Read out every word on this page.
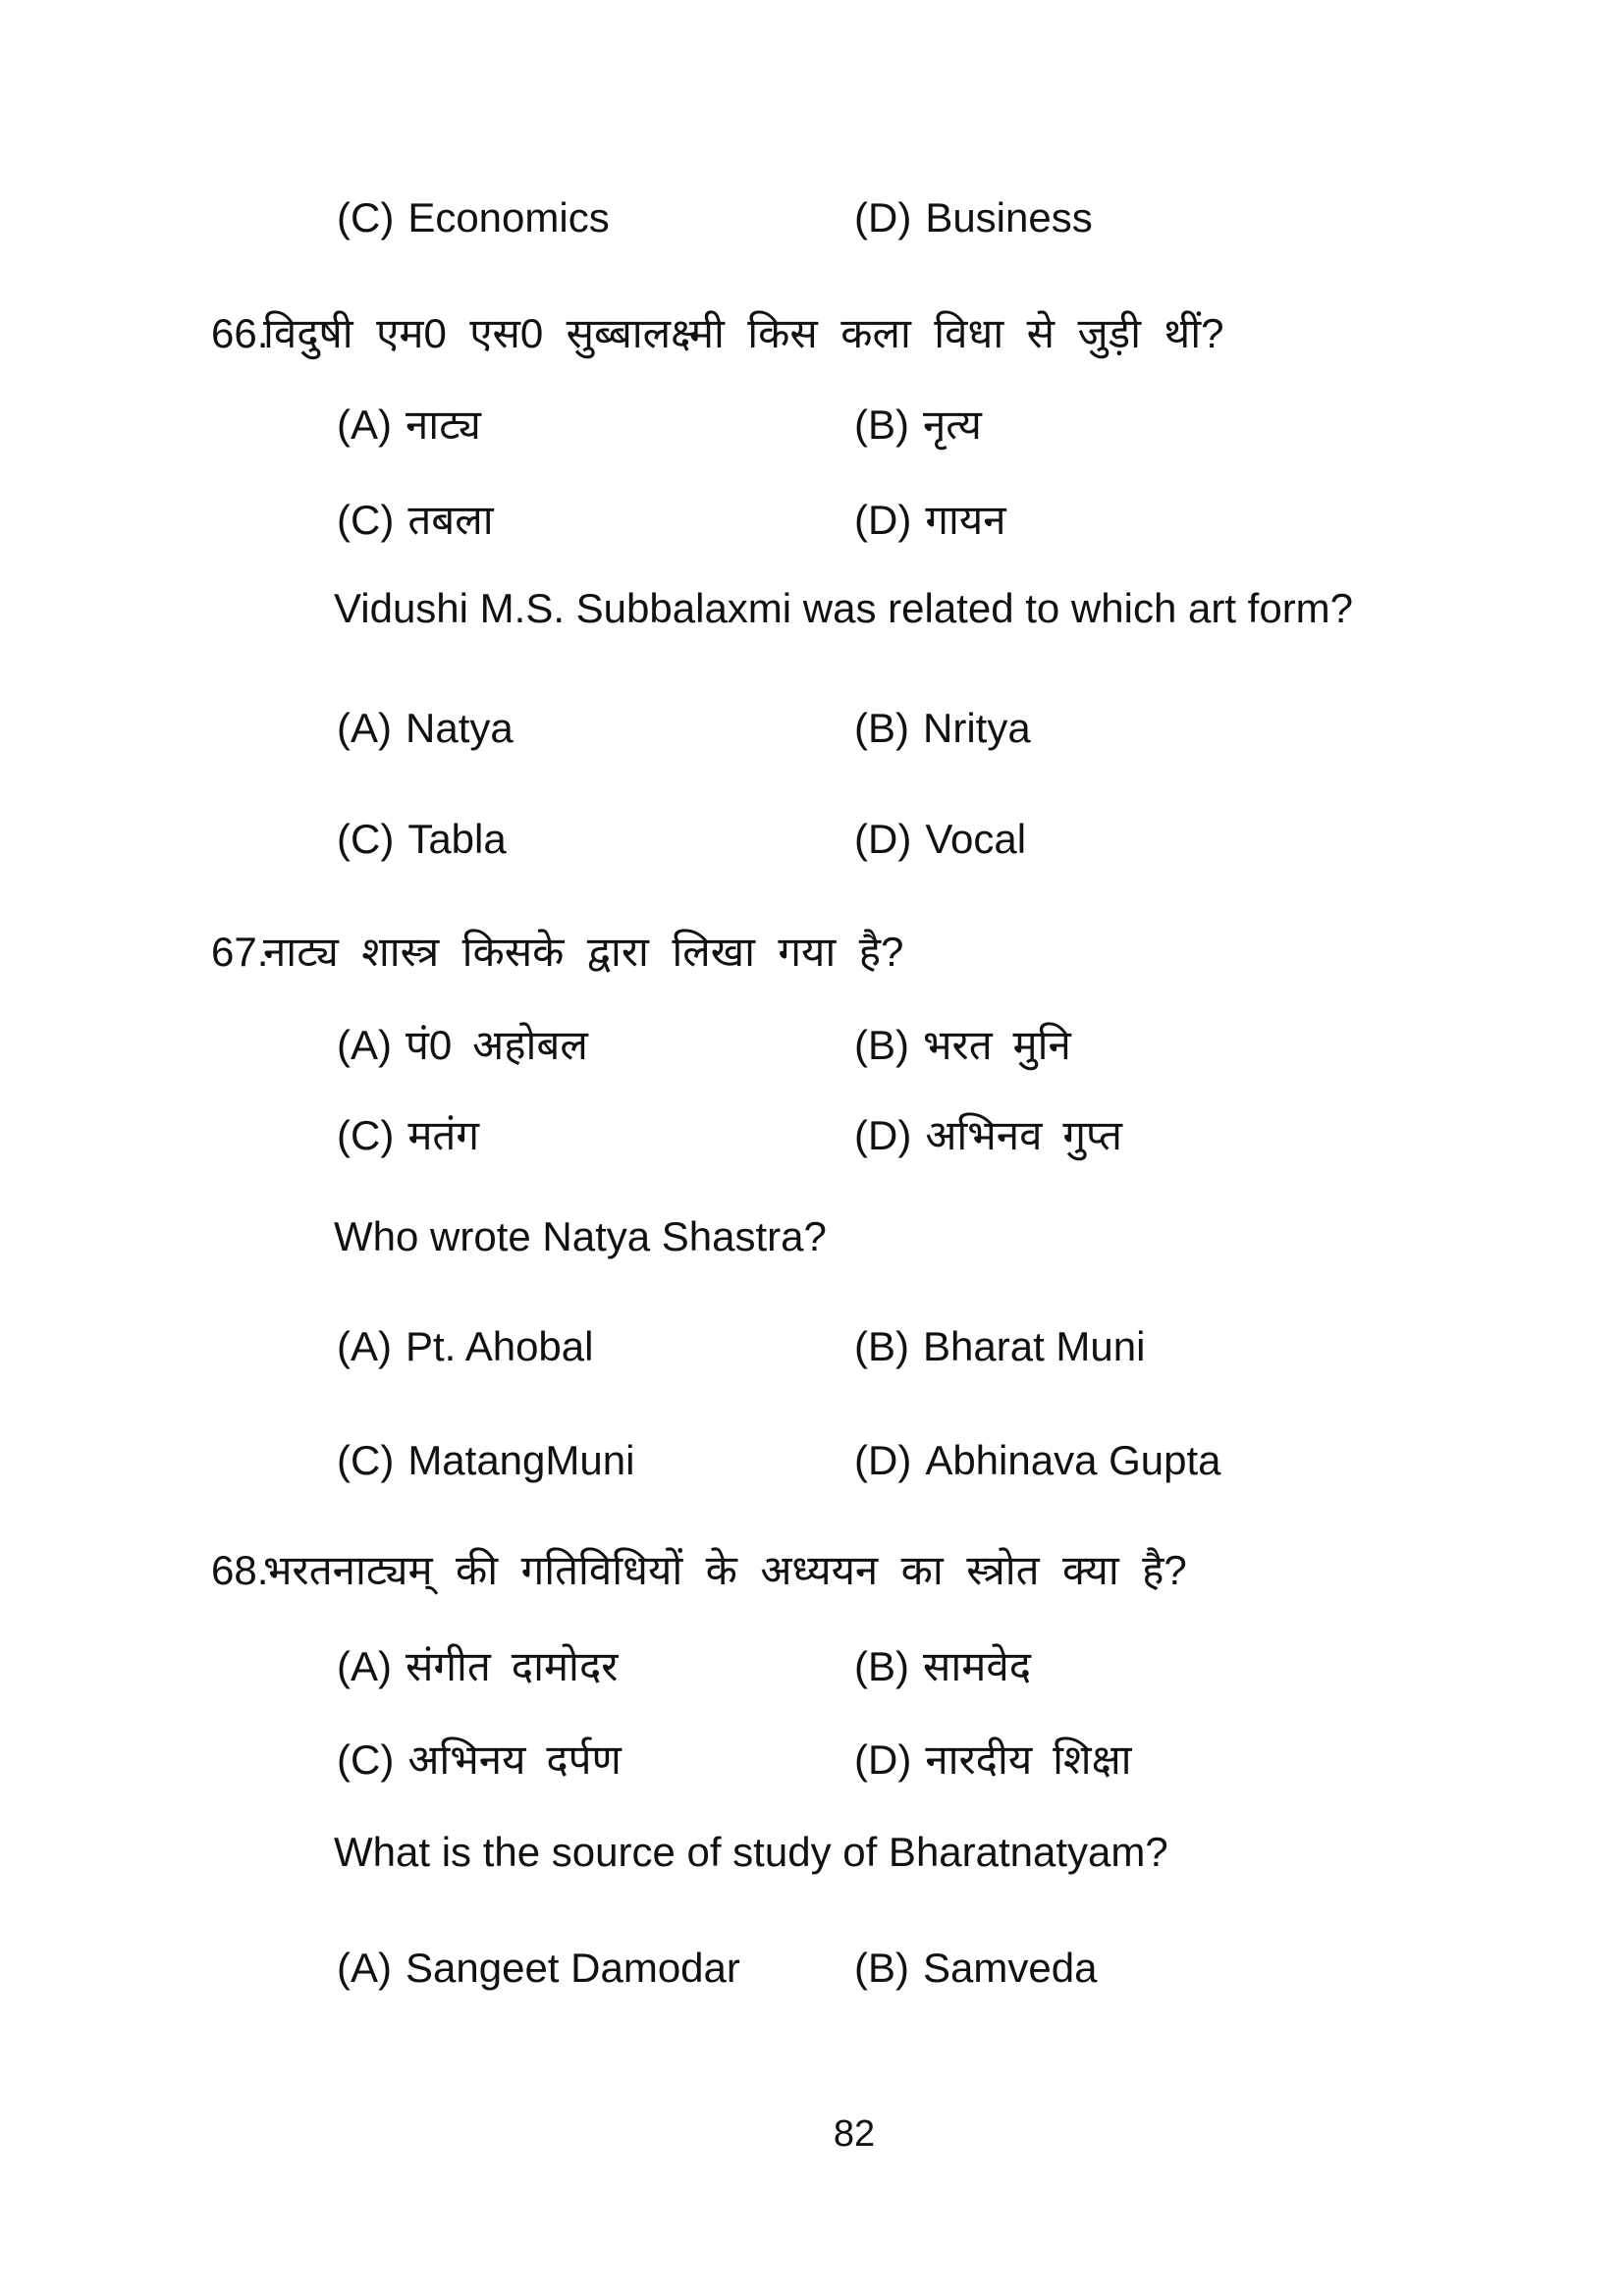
(C) Economics	(D) Business
66.
विदुषी एम0 एस0 सुब्बालक्ष्मी किस कला विधा से जुड़ी थीं?
(A) नाट्य	(B) नृत्य
(C) तबला	(D) गायन
Vidushi M.S. Subbalaxmi was related to which art form?
(A) Natya	(B) Nritya
(C) Tabla	(D) Vocal
67.
नाट्य शास्त्र किसके द्वारा लिखा गया है?
(A) पं0 अहोबल	(B) भरत मुनि
(C) मतंग	(D) अभिनव गुप्त
Who wrote Natya Shastra?
(A) Pt. Ahobal	(B) Bharat Muni
(C) MatangMuni	(D) Abhinava Gupta
68.
भरतनाट्यम् की गतिविधियों के अध्ययन का स्त्रोत क्या है?
(A) संगीत दामोदर	(B) सामवेद
(C) अभिनय दर्पण	(D) नारदीय शिक्षा
What is the source of study of Bharatnatyam?
(A) Sangeet Damodar	(B) Samveda
82
